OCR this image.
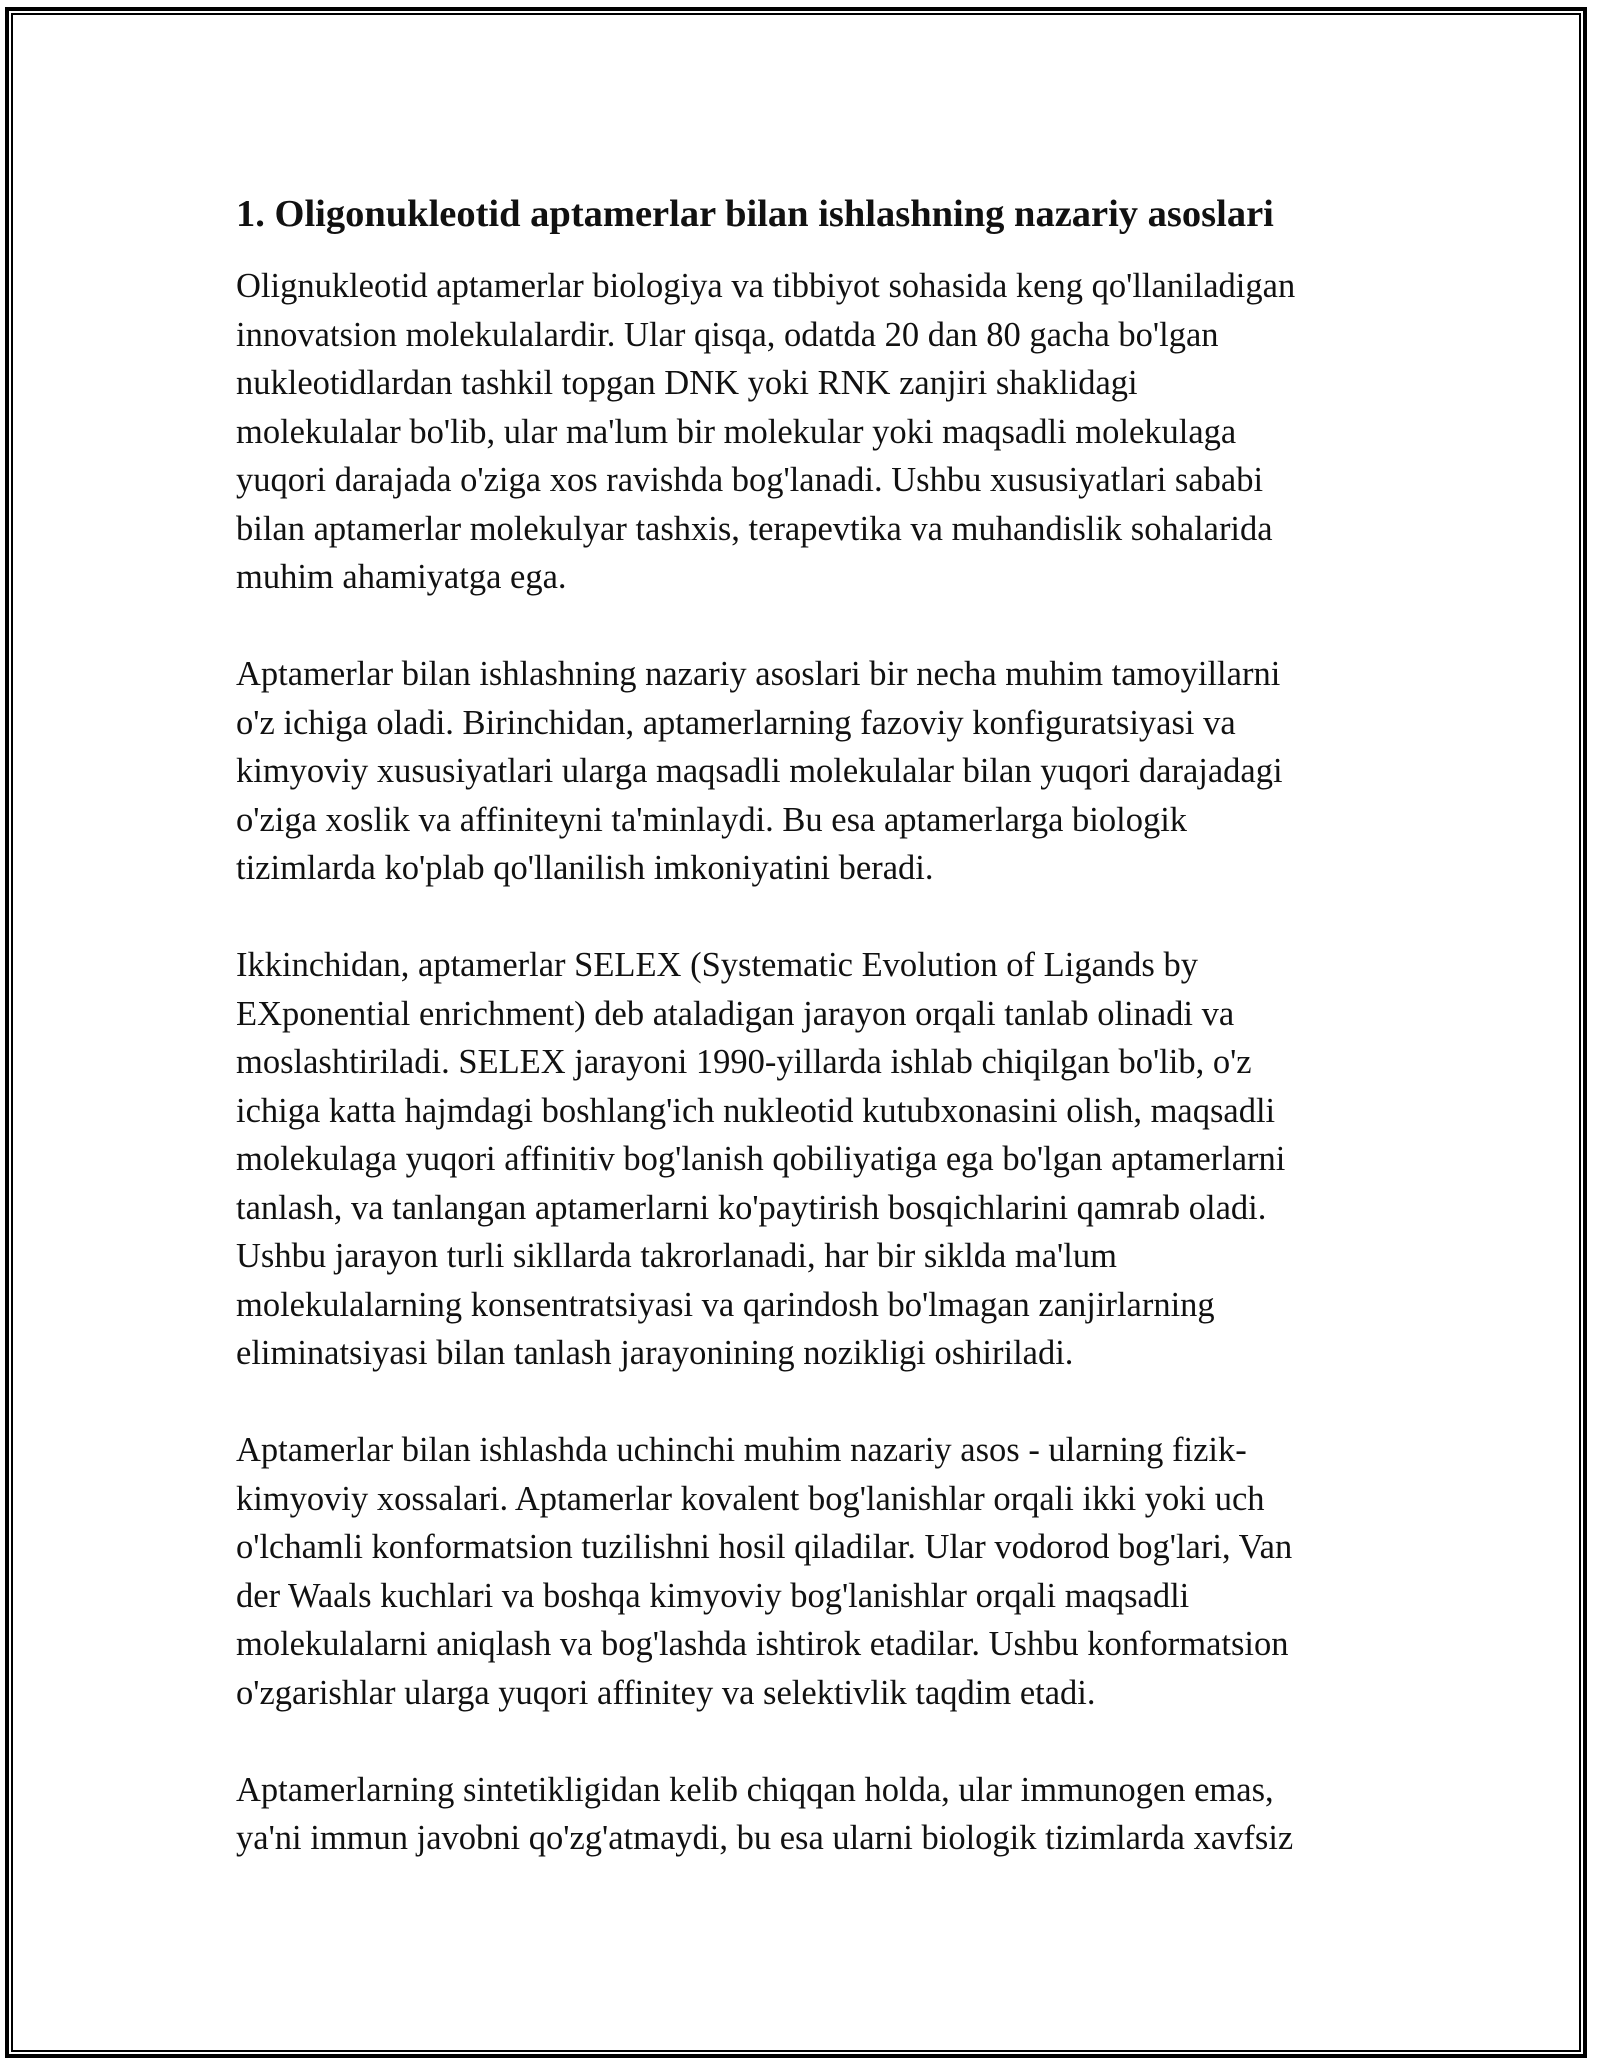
1. Oligonukleotid aptamerlar bilan ishlashning nazariy asoslari

Olignukleotid aptamerlar biologiya va tibbiyot sohasida keng qo'llaniladigan
innovatsion molekulalardir. Ular qisqa, odatda 20 dan 80 gacha bo'lgan
nukleotidlardan tashkil topgan DNK yoki RNK zanjiri shaklidagi
molekulalar bo'lib, ular ma'lum bir molekular yoki maqsadli molekulaga
yuqori darajada o'ziga xos ravishda bog'lanadi. Ushbu xususiyatlari sababi
bilan aptamerlar molekulyar tashxis, terapevtika va muhandislik sohalarida
muhim ahamiyatga ega.

Aptamerlar bilan ishlashning nazariy asoslari bir necha muhim tamoyillarni
o'z ichiga oladi. Birinchidan, aptamerlarning fazoviy konfiguratsiyasi va
kimyoviy xususiyatlari ularga maqsadli molekulalar bilan yuqori darajadagi
o'ziga xoslik va affiniteyni ta'minlaydi. Bu esa aptamerlarga biologik
tizimlarda ko'plab qo'llanilish imkoniyatini beradi.

Ikkinchidan, aptamerlar SELEX (Systematic Evolution of Ligands by
EXponential enrichment) deb ataladigan jarayon orqali tanlab olinadi va
moslashtiriladi. SELEX jarayoni 1990-yillarda ishlab chiqilgan bo'lib, o'z
ichiga katta hajmdagi boshlang'ich nukleotid kutubxonasini olish, maqsadli
molekulaga yuqori affinitiv bog'lanish qobiliyatiga ega bo'lgan aptamerlarni
tanlash, va tanlangan aptamerlarni ko'paytirish bosqichlarini qamrab oladi.
Ushbu jarayon turli sikllarda takrorlanadi, har bir siklda ma'lum
molekulalarning konsentratsiyasi va qarindosh bo'lmagan zanjirlarning
eliminatsiyasi bilan tanlash jarayonining nozikligi oshiriladi.

Aptamerlar bilan ishlashda uchinchi muhim nazariy asos - ularning fizik-
kimyoviy xossalari. Aptamerlar kovalent bog'lanishlar orqali ikki yoki uch
o'lchamli konformatsion tuzilishni hosil qiladilar. Ular vodorod bog'lari, Van
der Waals kuchlari va boshqa kimyoviy bog'lanishlar orqali maqsadli
molekulalarni aniqlash va bog'lashda ishtirok etadilar. Ushbu konformatsion
o'zgarishlar ularga yuqori affinitey va selektivlik taqdim etadi.

Aptamerlarning sintetikligidan kelib chiqqan holda, ular immunogen emas,
ya'ni immun javobni qo'zg'atmaydi, bu esa ularni biologik tizimlarda xavfsiz
